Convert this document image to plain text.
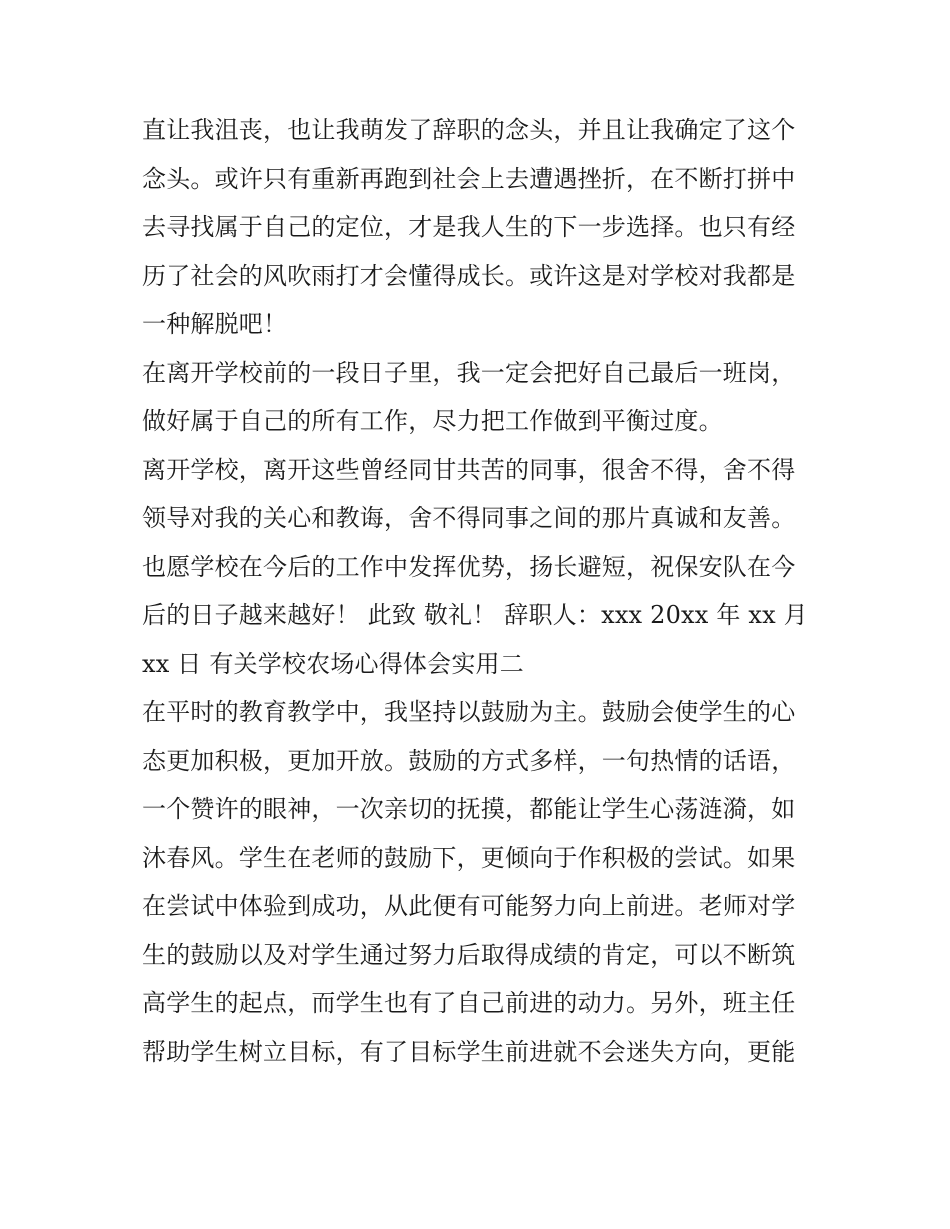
直让我沮丧，也让我萌发了辞职的念头，并且让我确定了这个
念头。或许只有重新再跑到社会上去遭遇挫折，在不断打拼中
去寻找属于自己的定位，才是我人生的下一步选择。也只有经
历了社会的风吹雨打才会懂得成长。或许这是对学校对我都是
一种解脱吧！
在离开学校前的一段日子里，我一定会把好自己最后一班岗，
做好属于自己的所有工作，尽力把工作做到平衡过度。
离开学校，离开这些曾经同甘共苦的同事，很舍不得，舍不得
领导对我的关心和教诲，舍不得同事之间的那片真诚和友善。
也愿学校在今后的工作中发挥优势，扬长避短，祝保安队在今
后的日子越来越好！ 此致 敬礼！ 辞职人：xxx 20xx 年 xx 月
xx 日 有关学校农场心得体会实用二
在平时的教育教学中，我坚持以鼓励为主。鼓励会使学生的心
态更加积极，更加开放。鼓励的方式多样，一句热情的话语，
一个赞许的眼神，一次亲切的抚摸，都能让学生心荡涟漪，如
沐春风。学生在老师的鼓励下，更倾向于作积极的尝试。如果
在尝试中体验到成功，从此便有可能努力向上前进。老师对学
生的鼓励以及对学生通过努力后取得成绩的肯定，可以不断筑
高学生的起点，而学生也有了自己前进的动力。另外，班主任
帮助学生树立目标，有了目标学生前进就不会迷失方向，更能
